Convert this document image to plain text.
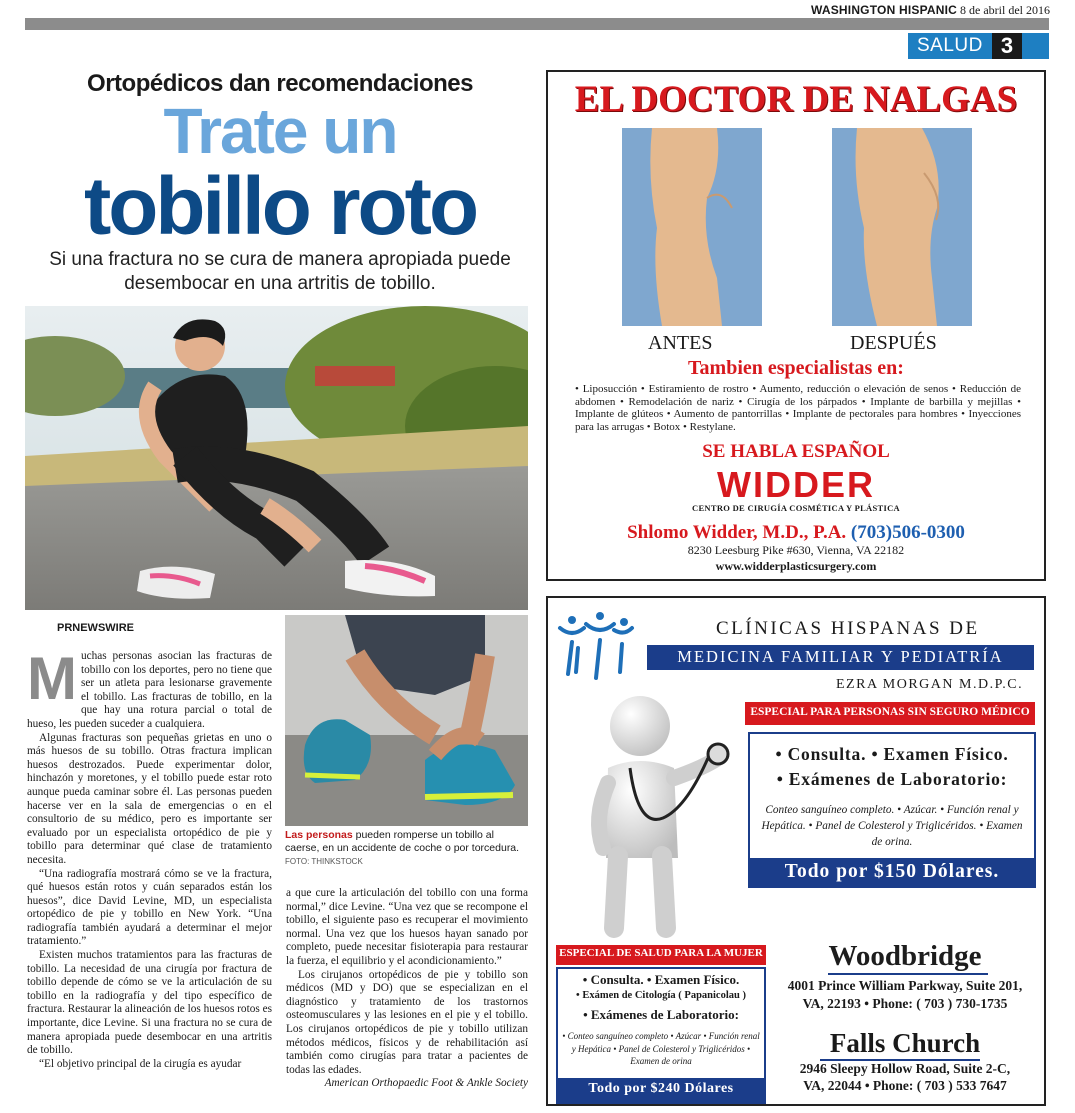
WASHINGTON HISPANIC 8 de abril del 2016
SALUD 3
Ortopédicos dan recomendaciones
Trate un
tobillo roto
Si una fractura no se cura de manera apropiada puede desembocar en una artritis de tobillo.
PRNEWSWIRE
Las personas pueden romperse un tobillo al caerse, en un accidente de coche o por torcedura.
FOTO: THINKSTOCK
M uchas personas asocian las fracturas de tobillo con los deportes, pero no tiene que ser un atleta para lesionarse gravemente el tobillo. Las fracturas de tobillo, en la que hay una rotura parcial o total de hueso, les pueden suceder a cualquiera.

Algunas fracturas son pequeñas grietas en uno o más huesos de su tobillo. Otras fractura implican huesos destrozados. Puede experimentar dolor, hinchazón y moretones, y el tobillo puede estar roto aunque pueda caminar sobre él. Las personas pueden hacerse ver en la sala de emergencias o en el consultorio de su médico, pero es importante ser evaluado por un especialista ortopédico de pie y tobillo para determinar qué clase de tratamiento necesita.

“Una radiografía mostrará cómo se ve la fractura, qué huesos están rotos y cuán separados están los huesos”, dice David Levine, MD, un especialista ortopédico de pie y tobillo en New York. “Una radiografía también ayudará a determinar el mejor tratamiento.”

Existen muchos tratamientos para las fracturas de tobillo. La necesidad de una cirugía por fractura de tobillo depende de cómo se ve la articulación de su tobillo en la radiografía y del tipo específico de fractura. Restaurar la alineación de los huesos rotos es importante, dice Levine. Si una fractura no se cura de manera apropiada puede desembocar en una artritis de tobillo.

“El objetivo principal de la cirugía es ayudar

a que cure la articulación del tobillo con una forma normal,” dice Levine. “Una vez que se recompone el tobillo, el siguiente paso es recuperar el movimiento normal. Una vez que los huesos hayan sanado por completo, puede necesitar fisioterapia para restaurar la fuerza, el equilibrio y el acondicionamiento.”

Los cirujanos ortopédicos de pie y tobillo son médicos (MD y DO) que se especializan en el diagnóstico y tratamiento de los trastornos osteomusculares y las lesiones en el pie y el tobillo. Los cirujanos ortopédicos de pie y tobillo utilizan métodos médicos, físicos y de rehabilitación así también como cirugías para tratar a pacientes de todas las edades.

American Orthopaedic Foot & Ankle Society

EL DOCTOR DE NALGAS
ANTES	DESPUÉS
Tambien especialistas en:
• Liposucción • Estiramiento de rostro • Aumento, reducción o elevación de senos • Reducción de abdomen • Remodelación de nariz • Cirugía de los párpados • Implante de barbilla y mejillas • Implante de glúteos • Aumento de pantorrillas • Implante de pectorales para hombres • Inyecciones para las arrugas • Botox • Restylane.
SE HABLA ESPAÑOL
WIDDER
CENTRO DE CIRUGÍA COSMÉTICA Y PLÁSTICA
Shlomo Widder, M.D., P.A. (703)506-0300
8230 Leesburg Pike #630, Vienna, VA 22182
www.widderplasticsurgery.com
CLÍNICAS HISPANAS DE
MEDICINA FAMILIAR Y PEDIATRÍA
EZRA MORGAN M.D.P.C.
ESPECIAL PARA PERSONAS SIN SEGURO MÉDICO
• Consulta. • Examen Físico.
• Exámenes de Laboratorio:
Conteo sanguíneo completo. • Azúcar. • Función renal y Hepática. • Panel de Colesterol y Triglicéridos. • Examen de orina.
Todo por $150 Dólares.
ESPECIAL DE SALUD PARA LA MUJER
• Consulta. • Examen Físico.
• Exámen de Citología ( Papanicolau )
• Exámenes de Laboratorio:
• Conteo sanguíneo completo • Azúcar • Función renal y Hepática • Panel de Colesterol y Triglicéridos • Examen de orina
Todo por $240 Dólares
Woodbridge
4001 Prince William Parkway, Suite 201,
VA, 22193 • Phone: ( 703 ) 730-1735
Falls Church
2946 Sleepy Hollow Road, Suite 2-C,
VA, 22044 • Phone: ( 703 ) 533 7647
